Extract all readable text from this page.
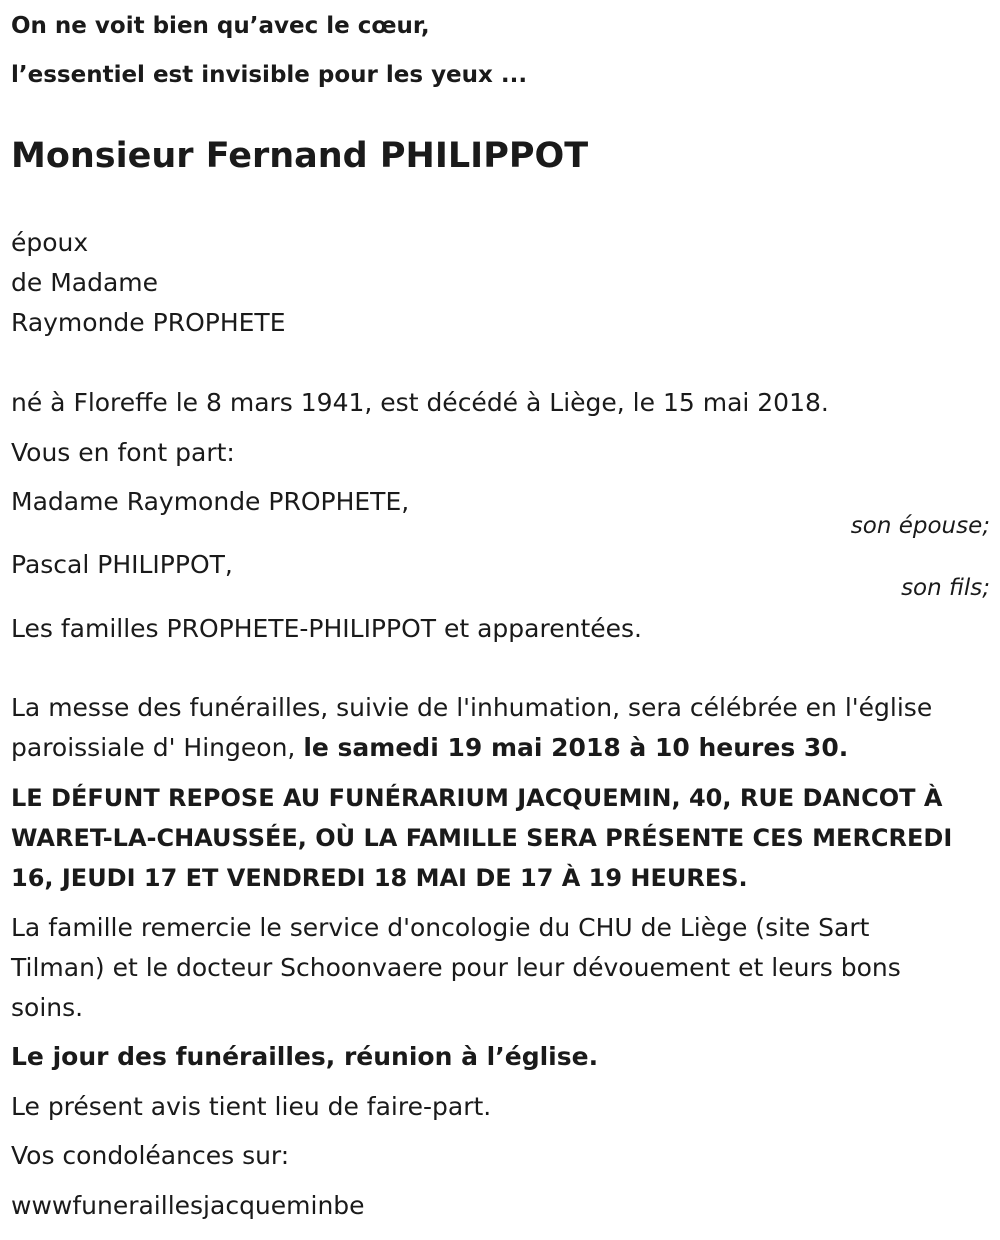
On ne voit bien qu’avec le cœur,
l’essentiel est invisible pour les yeux ...
Monsieur Fernand PHILIPPOT
époux
de Madame
Raymonde PROPHETE
né à Floreffe le 8 mars 1941, est décédé à Liège, le 15 mai 2018.
Vous en font part:
Madame Raymonde PROPHETE,
son épouse;
Pascal PHILIPPOT,
son fils;
Les familles PROPHETE-PHILIPPOT et apparentées.
La messe des funérailles, suivie de l'inhumation, sera célébrée en l'église
paroissiale d' Hingeon, le samedi 19 mai 2018 à 10 heures 30.
LE DÉFUNT REPOSE AU FUNÉRARIUM JACQUEMIN, 40, RUE DANCOT À
WARET-LA-CHAUSSÉE, OÙ LA FAMILLE SERA PRÉSENTE CES MERCREDI
16, JEUDI 17 ET VENDREDI 18 MAI DE 17 À 19 HEURES.
La famille remercie le service d'oncologie du CHU de Liège (site Sart
Tilman) et le docteur Schoonvaere pour leur dévouement et leurs bons
soins.
Le jour des funérailles, réunion à l’église.
Le présent avis tient lieu de faire-part.
Vos condoléances sur:
wwwfuneraillesjacqueminbe
